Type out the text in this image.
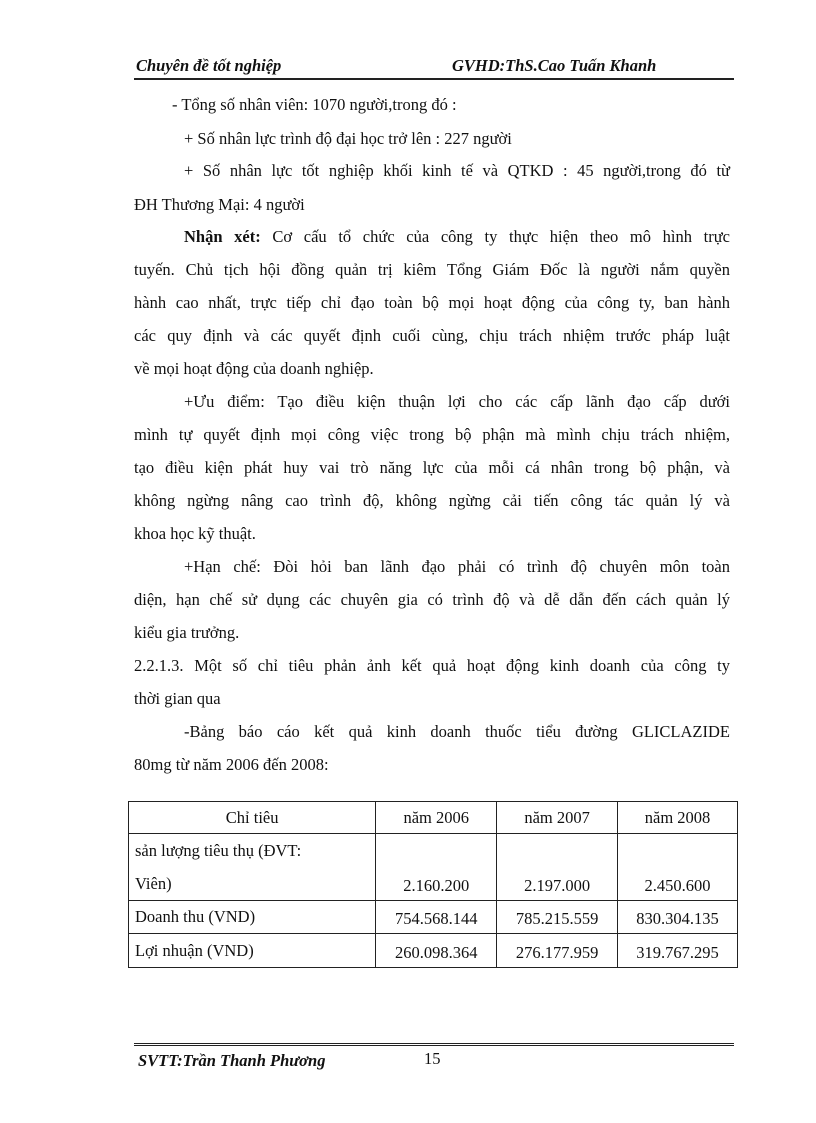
Chuyên đề tốt nghiệp	GVHD:ThS.Cao Tuấn Khanh
- Tổng số nhân viên: 1070 người,trong đó :
+ Số nhân lực trình độ đại học trở lên : 227 người
+ Số nhân lực tốt nghiệp khối kinh tế và QTKD : 45 người,trong đó từ
ĐH Thương Mại: 4 người
Nhận xét: Cơ cấu tổ chức của công ty thực hiện theo mô hình trực
tuyến. Chủ tịch hội đồng quản trị kiêm Tổng Giám Đốc là người nắm quyền
hành cao nhất, trực tiếp chỉ đạo toàn bộ mọi hoạt động của công ty, ban hành
các quy định và các quyết định cuối cùng, chịu trách nhiệm trước pháp luật
về mọi hoạt động của doanh nghiệp.
+Ưu điểm: Tạo điều kiện thuận lợi cho các cấp lãnh đạo cấp dưới
mình tự quyết định mọi công việc trong bộ phận mà mình chịu trách nhiệm,
tạo điều kiện phát huy vai trò năng lực của mỗi cá nhân trong bộ phận, và
không ngừng nâng cao trình độ, không ngừng cải tiến công tác quản lý và
khoa học kỹ thuật.
+Hạn chế: Đòi hỏi ban lãnh đạo phải có trình độ chuyên môn toàn
diện, hạn chế sử dụng các chuyên gia có trình độ và dễ dẫn đến cách quản lý
kiểu gia trưởng.
2.2.1.3. Một số chỉ tiêu phản ảnh kết quả hoạt động kinh doanh của công ty
thời gian qua
-Bảng báo cáo kết quả kinh doanh thuốc tiểu đường GLICLAZIDE
80mg từ năm 2006 đến 2008:
Chỉ tiêu	năm 2006	năm 2007	năm 2008
sản lượng tiêu thụ (ĐVT:
Viên)	2.160.200	2.197.000	2.450.600
Doanh thu (VND)	754.568.144	785.215.559	830.304.135
Lợi nhuận (VND)	260.098.364	276.177.959	319.767.295
SVTT:Trần Thanh Phương	15
